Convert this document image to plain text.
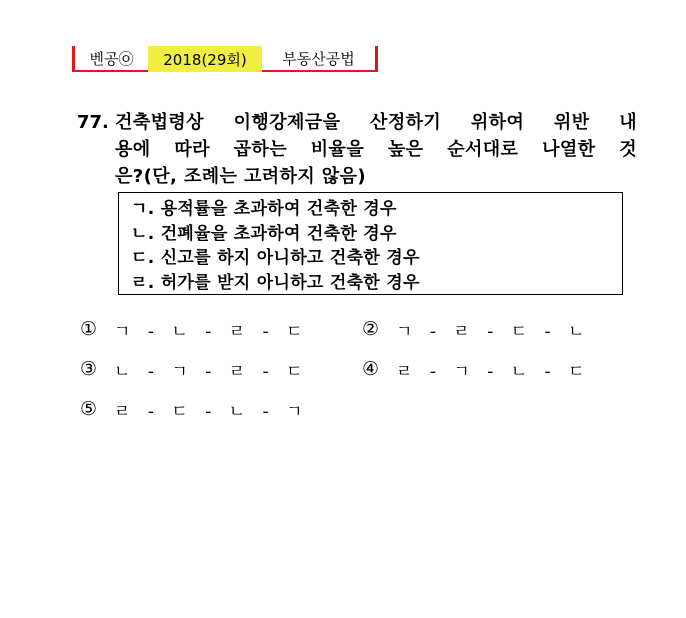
벤공㉧ 2018(29회) 부동산공법
77. 건축법령상 이행강제금을 산정하기 위하여 위반 내
용에 따라 곱하는 비율을 높은 순서대로 나열한 것
은?(단, 조례는 고려하지 않음)
ㄱ. 용적률을 초과하여 건축한 경우
ㄴ. 건폐율을 초과하여 건축한 경우
ㄷ. 신고를 하지 아니하고 건축한 경우
ㄹ. 허가를 받지 아니하고 건축한 경우
① ㄱ - ㄴ - ㄹ - ㄷ	② ㄱ - ㄹ - ㄷ - ㄴ
③ ㄴ - ㄱ - ㄹ - ㄷ	④ ㄹ - ㄱ - ㄴ - ㄷ
⑤ ㄹ - ㄷ - ㄴ - ㄱ
